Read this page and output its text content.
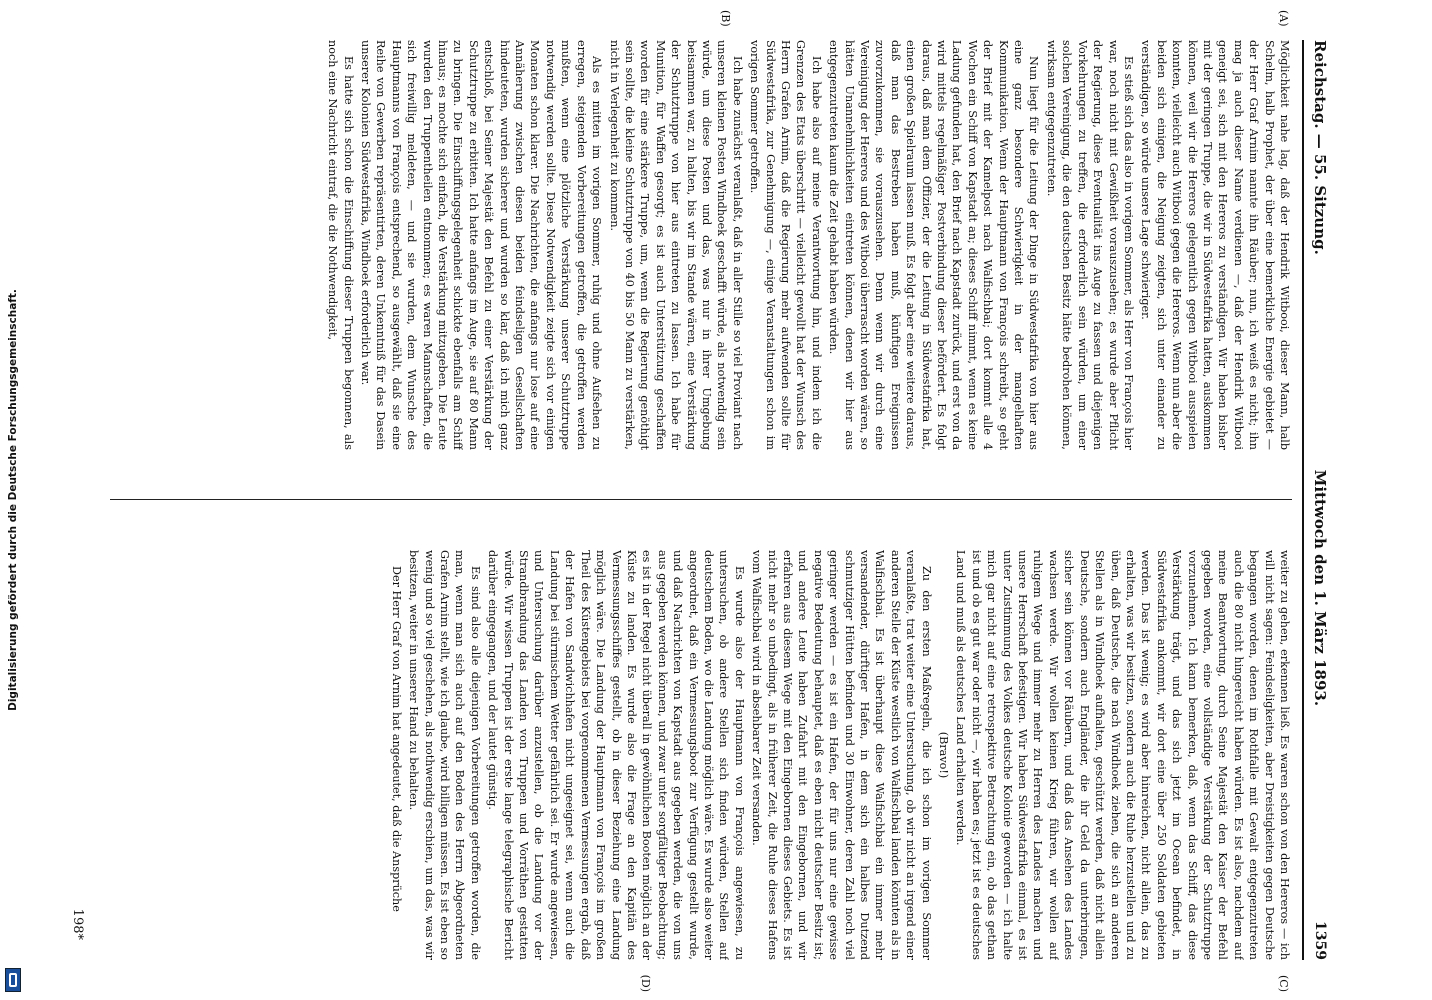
Reichstag. — 55. Sitzung.
Mittwoch den 1. März 1893.
1359
(A)
(B)
(C)
(D)

Möglichkeit nahe lag, daß der Hendrik Witbooi, dieser Mann, halb Schelm, halb Prophet, der über eine bemerkliche Energie gebietet — der Herr Graf Arnim nannte ihn Räuber; nun, ich weiß es nicht; ihn mag ja auch dieser Name verdienen —, daß der Hendrik Witbooi geneigt sei, sich mit den Hereros zu verständigen. Wir haben bisher mit der geringen Truppe, die wir in Südwestafrika hatten, auskommen können, weil wir die Hereros gelegentlich gegen Witbooi ausspielen konnten, vielleicht auch Witbooi gegen die Hereros. Wenn nun aber die beiden sich einigen, die Neigung zeigten, sich unter einander zu verständigen, so würde unsere Lage schwieriger.

Es stieß sich das also in vorigem Sommer, als Herr von François hier war, noch nicht mit Gewißheit vorauszusehen; es wurde aber Pflicht der Regierung, diese Eventualität ins Auge zu fassen und diejenigen Vorkehrungen zu treffen, die erforderlich sein würden, um einer solchen Vereinigung, die den deutschen Besitz hätte bedrohen können, wirksam entgegenzutreten.

Nun liegt für die Leitung der Dinge in Südwestafrika von hier aus eine ganz besondere Schwierigkeit in der mangelhaften Kommunikation. Wenn der Hauptmann von François schreibt, so geht der Brief mit der Kamelpost nach Walfischbai; dort kommt alle 4 Wochen ein Schiff von Kapstadt an; dieses Schiff nimmt, wenn es keine Ladung gefunden hat, den Brief nach Kapstadt zurück, und erst von da wird mittels regelmäßiger Postverbindung dieser befördert. Es folgt daraus, daß man dem Offizier, der die Leitung in Südwestafrika hat, einen großen Spielraum lassen muß. Es folgt aber eine weitere daraus, daß man das Bestreben haben muß, künftigen Ereignissen zuvorzukommen, sie vorauszusehen. Denn wenn wir durch eine Vereinigung der Hereros und des Witbooi überrascht worden wären, so hätten Unannehmlichkeiten eintreten können, denen wir hier aus entgegenzutreten kaum die Zeit gehabt haben würden.

Ich habe also auf meine Verantwortung hin, und indem ich die Grenzen des Etats überschritt — vielleicht gewollt hat der Wunsch des Herrn Grafen Arnim, daß die Regierung mehr aufwenden sollte für Südwestafrika, zur Genehmigung —, einige Veranstaltungen schon im vorigen Sommer getroffen.

Ich habe zunächst veranlaßt, daß in aller Stille so viel Proviant nach unseren kleinen Posten Windhoek geschafft würde, als notwendig sein würde, um diese Posten und das, was nur in ihrer Umgebung beisammen war, zu halten, bis wir im Stande wären, eine Verstärkung der Schutztruppe von hier aus eintreten zu lassen. Ich habe für Munition, für Waffen gesorgt; es ist auch Unterstützung geschaffen worden für eine stärkere Truppe, um, wenn die Regierung genöthigt sein sollte, die kleine Schutztruppe von 40 bis 50 Mann zu verstärken, nicht in Verlegenheit zu kommen.

Als es mitten im vorigen Sommer, ruhig und ohne Aufsehen zu erregen, steigenden Vorbereitungen getroffen, die getroffen werden mußten, wenn eine plötzliche Verstärkung unserer Schutztruppe notwendig werden sollte. Diese Notwendigkeit zeigte sich vor einigen Monaten schon klarer. Die Nachrichten, die anfangs nur lose auf eine Annäherung zwischen diesen beiden feindseligen Gesellschaften hindeuteten, wurden sicherer und wurden so klar, daß ich mich ganz entschloß, bei Seiner Majestät den Befehl zu einer Verstärkung der Schutztruppe zu erbitten. Ich hatte anfangs im Auge, sie auf 80 Mann zu bringen. Die Einschiffungsgelegenheit schickte ebenfalls am Schiff hinaus; es mochte sich einfach, die Verstärkung mitzugeben. Die Leute wurden den Truppentheilen entnommen; es waren Mannschaften, die sich freiwillig meldeten, — und sie wurden, dem Wunsche des Hauptmanns von François entsprechend, so ausgewählt, daß sie eine Reihe von Gewerben repräsentirten, deren Unkenntniß für das Dasein unserer Kolonien Südwestafrika, Windhoek erforderlich war.

Es hatte sich schon die Einschiffung dieser Truppen begonnen, als noch eine Nachricht eintraf, die die Nothwendigkeit,

weiter zu gehen, erkennen ließ. Es waren schon von den Hereros — ich will nicht sagen: Feindseligkeiten, aber Dreistigkeiten gegen Deutsche begangen worden, denen im Rothfalle mit Gewalt entgegenzutreten auch die 80 nicht hingereicht haben würden. Es ist also, nachdem auf meine Beantwortung, durch Seine Majestät den Kaiser der Befehl gegeben worden, eine vollständige Verstärkung der Schutztruppe vorzunehmen. Ich kann bemerken, daß, wenn das Schiff, das diese Verstärkung trägt, und das sich jetzt im Ocean befindet, in Südwestafrika ankommt, wir dort eine über 250 Soldaten gebieten werden. Das ist wenig; es wird aber hinreichen, nicht allein, das zu erhalten, was wir besitzen, sondern auch die Ruhe herzustellen und zu üben, daß Deutsche, die nach Windhoek ziehen, die sich an anderen Stellen als in Windhoek aufhalten, geschützt werden, daß nicht allein Deutsche, sondern auch Engländer, die ihr Geld da unterbringen, sicher sein können vor Räubern, und daß das Ansehen des Landes wachsen werde. Wir wollen keinen Krieg führen, wir wollen auf ruhigem Wege und immer mehr zu Herren des Landes machen und unsere Herrschaft befestigen. Wir haben Südwestafrika einmal, es ist unter Zustimmung des Volkes deutsche Kolonie geworden — ich halte mich gar nicht auf eine retrospektive Betrachtung ein, ob das gethan ist und ob es gut war oder nicht —, wir haben es; jetzt ist es deutsches Land und muß als deutsches Land erhalten werden.

(Bravo!)

Zu den ersten Maßregeln, die ich schon im vorigen Sommer veranlaßte, trat weiter eine Untersuchung, ob wir nicht an irgend einer anderen Stelle der Küste westlich von Walfischbai landen könnten als in Walfischbai. Es ist überhaupt diese Walfischbai ein immer mehr versandender, dürftiger Hafen, in dem sich ein halbes Dutzend schmutziger Hütten befinden und 30 Einwohner, deren Zahl noch viel geringer werden — es ist ein Hafen, der für uns nur eine gewisse negative Bedeutung behauptet, daß es eben nicht deutscher Besitz ist; und andere Leute haben Zufahrt mit den Eingebornen, und wir erfahren aus diesem Wege mit den Eingebornen dieses Gebiets. Es ist nicht mehr so unbedingt, als in früherer Zeit, die Ruhe dieses Hafens vom Walfischbai wird in absehbarer Zeit versanden.

Es wurde also der Hauptmann von François angewiesen, zu untersuchen, ob andere Stellen sich finden würden, Stellen auf deutschem Boden, wo die Landung möglich wäre. Es wurde also weiter angeordnet, daß ein Vermessungsboot zur Verfügung gestellt wurde, und daß Nachrichten von Kapstadt aus gegeben werden, die von uns aus gegeben werden können, und zwar unter sorgfältiger Beobachtung; es ist in der Regel nicht überall in gewöhnlichen Booten möglich an der Küste zu landen. Es wurde also die Frage an den Kapitän des Vermessungsschiffes gestellt, ob in dieser Beziehung eine Landung möglich wäre. Die Landung der Hauptmann von François im großen Theil des Küstengebiets bei vorgenommenen Vermessungen ergab, daß der Hafen von Sandwichhafen nicht ungeeignet sei, wenn auch die Landung bei stürmischem Wetter gefährlich sei. Er wurde angewiesen, und Untersuchung darüber anzustellen, ob die Landung vor der Strandbrandung das Landen von Truppen und Vorräthen gestatten würde. Wir wissen Truppen ist der erste lange telegraphische Bericht darüber eingegangen, und der lautet günstig.

Es sind also alle diejenigen Vorbereitungen getroffen worden, die man, wenn man sich auch auf den Boden des Herrn Abgeordneten Grafen Arnim stellt, wie ich glaube, wird billigen müssen. Es ist eben so wenig und so viel geschehen, als nothwendig erschien, um das, was wir besitzen, weiter in unserer Hand zu behalten.

Der Herr Graf von Arnim hat angedeutet, daß die Ansprüche

198*
Digitalisierung gefördert durch die Deutsche Forschungsgemeinschaft.
